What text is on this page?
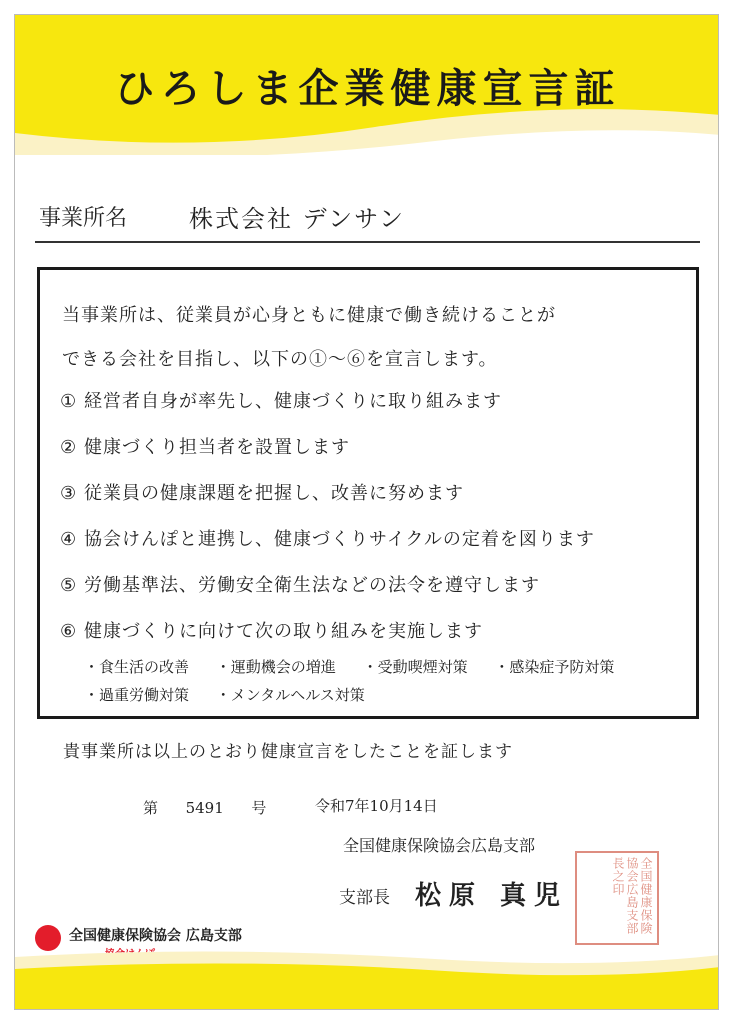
ひろしま企業健康宣言証
事業所名	株式会社 デンサン
当事業所は、従業員が心身ともに健康で働き続けることが
できる会社を目指し、以下の①～⑥を宣言します。
① 経営者自身が率先し、健康づくりに取り組みます
② 健康づくり担当者を設置します
③ 従業員の健康課題を把握し、改善に努めます
④ 協会けんぽと連携し、健康づくりサイクルの定着を図ります
⑤ 労働基準法、労働安全衛生法などの法令を遵守します
⑥ 健康づくりに向けて次の取り組みを実施します
・食生活の改善 ・運動機会の増進 ・受動喫煙対策 ・感染症予防対策
・過重労働対策 ・メンタルヘルス対策
貴事業所は以上のとおり健康宣言をしたことを証します
第 5491 号	令和7年10月14日
全国健康保険協会広島支部
支部長 松原 真児	全国健康保険協会広島支部長之印
全国健康保険協会 広島支部
